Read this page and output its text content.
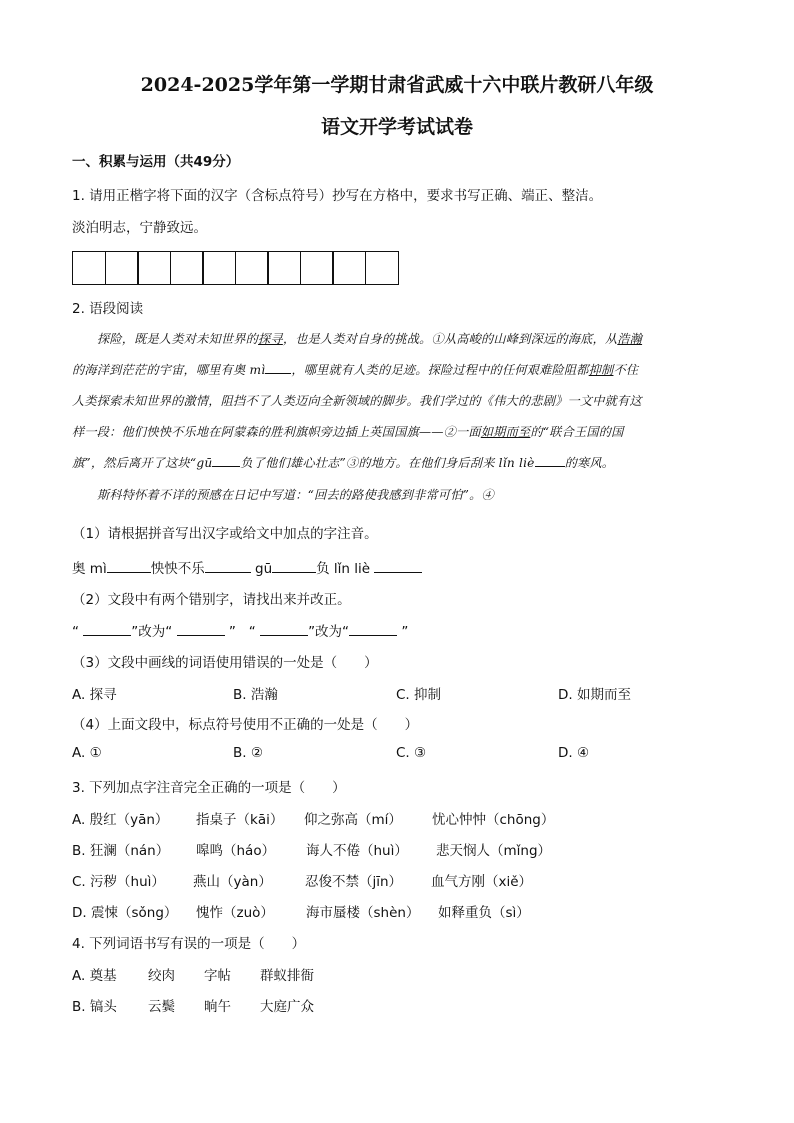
2024-2025学年第一学期甘肃省武威十六中联片教研八年级
语文开学考试试卷
一、积累与运用（共49分）
1. 请用正楷字将下面的汉字（含标点符号）抄写在方格中，要求书写正确、端正、整洁。
淡泊明志，宁静致远。
2. 语段阅读
探险，既是人类对未知世界的探寻，也是人类对自身的挑战。①从高峻的山峰到深远的海底，从浩瀚
的海洋到茫茫的宇宙，哪里有奥 mì ，哪里就有人类的足迹。探险过程中的任何艰难险阻都抑制不住
人类探索未知世界的激情，阻挡不了人类迈向全新领域的脚步。我们学过的《伟大的悲剧》一文中就有这
样一段：他们怏怏不乐地在阿蒙森的胜利旗帜旁边插上英国国旗——②一面如期而至的“联合王国的国
旗”，然后离开了这块“gū 负了他们雄心壮志”③的地方。在他们身后刮来 lǐn liè 的寒风。
斯科特怀着不详的预感在日记中写道：“回去的路使我感到非常可怕”。④
（1）请根据拼音写出汉字或给文中加点的字注音。
奥 mì	怏怏不乐	gū	负 lǐn liè
（2）文段中有两个错别字，请找出来并改正。
“	”改为“	” “	”改为“	”
（3）文段中画线的词语使用错误的一处是（　　）
A. 探寻	B. 浩瀚	C. 抑制	D. 如期而至
（4）上面文段中，标点符号使用不正确的一处是（　　）
A. ①	B. ②	C. ③	D. ④
3. 下列加点字注音完全正确的一项是（　　）
A. 殷红（yān） 指桌子（kāi） 仰之弥高（mí） 忧心忡忡（chōng）
B. 狂澜（nán） 嗥鸣（háo） 诲人不倦（huì） 悲天悯人（mǐng）
C. 污秽（huì） 燕山（yàn） 忍俊不禁（jīn） 血气方刚（xiě）
D. 震悚（sǒng） 愧怍（zuò） 海市蜃楼（shèn） 如释重负（sì）
4. 下列词语书写有误的一项是（　　）
A. 奠基 绞肉 字帖 群蚁排衙
B. 镐头 云鬓 晌午 大庭广众
